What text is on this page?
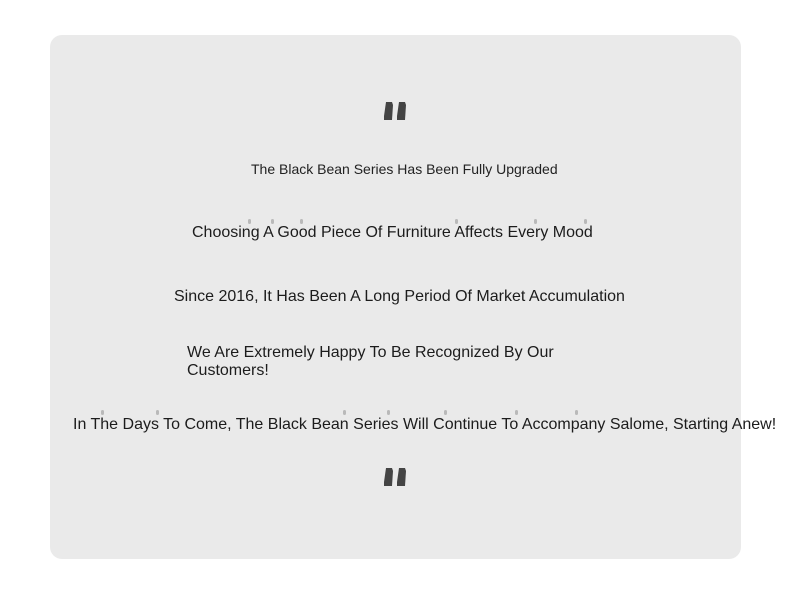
The Black Bean Series Has Been Fully Upgraded
Choosing A Good Piece Of Furniture Affects Every Mood
Since 2016, It Has Been A Long Period Of Market Accumulation
We Are Extremely Happy To Be Recognized By Our Customers!
In The Days To Come, The Black Bean Series Will Continue To Accompany Salome, Starting Anew!
